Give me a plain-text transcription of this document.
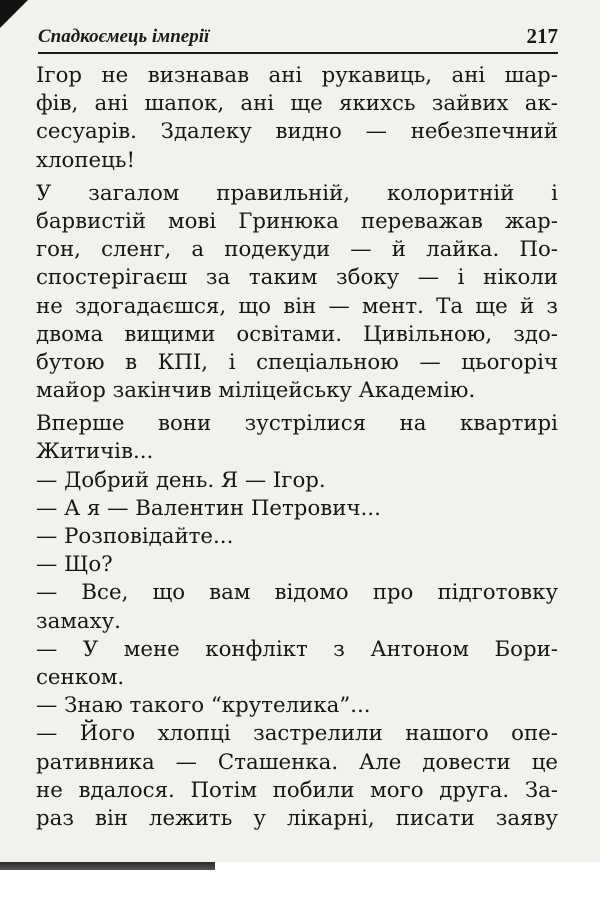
Спадкоємець імперії	217
Ігор не визнавав ані рукавиць, ані шар-
фів, ані шапок, ані ще якихсь зайвих ак-
сесуарів. Здалеку видно — небезпечний
хлопець!
У загалом правильній, колоритній і
барвистій мові Гринюка переважав жар-
гон, сленг, а подекуди — й лайка. По-
спостерігаєш за таким збоку — і ніколи
не здогадаєшся, що він — мент. Та ще й з
двома вищими освітами. Цивільною, здо-
бутою в КПІ, і спеціальною — цьогоріч
майор закінчив міліцейську Академію.
Вперше вони зустрілися на квартирі
Житичів...
— Добрий день. Я — Ігор.
— А я — Валентин Петрович...
— Розповідайте...
— Що?
— Все, що вам відомо про підготовку
замаху.
— У мене конфлікт з Антоном Бори-
сенком.
— Знаю такого “крутелика”...
— Його хлопці застрелили нашого опе-
ративника — Сташенка. Але довести це
не вдалося. Потім побили мого друга. За-
раз він лежить у лікарні, писати заяву
